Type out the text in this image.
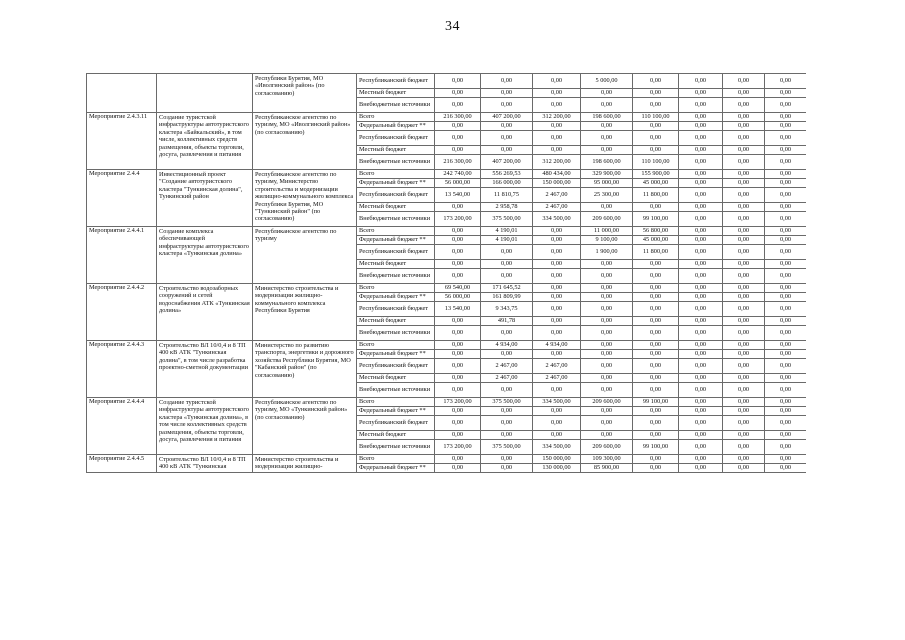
34
		Республики Бурятия, МО «Иволгинский район» (по согласованию)	Республиканский бюджет	0,00	0,00	0,00	5 000,00	0,00	0,00	0,00	0,00
			Местный бюджет	0,00	0,00	0,00	0,00	0,00	0,00	0,00	0,00
			Внебюджетные источники	0,00	0,00	0,00	0,00	0,00	0,00	0,00	0,00
Мероприятие 2.4.3.11	Создание туристской инфраструктуры автотуристского кластера «Байкальский», в том числе, коллективных средств размещения, объекты торговли, досуга, развлечения и питания	Республиканское агентство по туризму, МО «Иволгинский район» (по согласованию)	Всего	216 300,00	407 200,00	312 200,00	198 600,00	110 100,00	0,00	0,00	0,00
			Федеральный бюджет **	0,00	0,00	0,00	0,00	0,00	0,00	0,00	0,00
			Республиканский бюджет	0,00	0,00	0,00	0,00	0,00	0,00	0,00	0,00
			Местный бюджет	0,00	0,00	0,00	0,00	0,00	0,00	0,00	0,00
			Внебюджетные источники	216 300,00	407 200,00	312 200,00	198 600,00	110 100,00	0,00	0,00	0,00
Мероприятие 2.4.4	Инвестиционный проект "Создание автотуристского кластера "Тункинская долина", Тункинский район	Республиканское агентство по туризму, Министерство строительства и модернизации жилищно-коммунального комплекса Республики Бурятия, МО "Тункинский район" (по согласованию)	Всего	242 740,00	556 269,53	480 434,00	329 900,00	155 900,00	0,00	0,00	0,00
			Федеральный бюджет **	56 000,00	166 000,00	150 000,00	95 000,00	45 000,00	0,00	0,00	0,00
			Республиканский бюджет	13 540,00	11 810,75	2 467,00	25 300,00	11 800,00	0,00	0,00	0,00
			Местный бюджет	0,00	2 958,78	2 467,00	0,00	0,00	0,00	0,00	0,00
			Внебюджетные источники	173 200,00	375 500,00	334 500,00	209 600,00	99 100,00	0,00	0,00	0,00
Мероприятие 2.4.4.1	Создание комплекса обеспечивающей инфраструктуры автотуристского кластера «Тункинская долина»	Республиканское агентство по туризму	Всего	0,00	4 190,01	0,00	11 000,00	56 800,00	0,00	0,00	0,00
			Федеральный бюджет **	0,00	4 190,01	0,00	9 100,00	45 000,00	0,00	0,00	0,00
			Республиканский бюджет	0,00	0,00	0,00	1 900,00	11 800,00	0,00	0,00	0,00
			Местный бюджет	0,00	0,00	0,00	0,00	0,00	0,00	0,00	0,00
			Внебюджетные источники	0,00	0,00	0,00	0,00	0,00	0,00	0,00	0,00
Мероприятие 2.4.4.2	Строительство водозаборных сооружений и сетей водоснабжения АТК «Тункинская долина»	Министерство строительства и модернизации жилищно-коммунального комплекса Республики Бурятия	Всего	69 540,00	171 645,52	0,00	0,00	0,00	0,00	0,00	0,00
			Федеральный бюджет **	56 000,00	161 809,99	0,00	0,00	0,00	0,00	0,00	0,00
			Республиканский бюджет	13 540,00	9 343,75	0,00	0,00	0,00	0,00	0,00	0,00
			Местный бюджет	0,00	491,78	0,00	0,00	0,00	0,00	0,00	0,00
			Внебюджетные источники	0,00	0,00	0,00	0,00	0,00	0,00	0,00	0,00
Мероприятие 2.4.4.3	Строительство ВЛ 10/0,4 и 8 ТП 400 кВ АТК "Тункинская долина", в том числе разработка проектно-сметной документации	Министерство по развитию транспорта, энергетики и дорожного хозяйства Республики Бурятия, МО "Кабанский район" (по согласованию)	Всего	0,00	4 934,00	4 934,00	0,00	0,00	0,00	0,00	0,00
			Федеральный бюджет **	0,00	0,00	0,00	0,00	0,00	0,00	0,00	0,00
			Республиканский бюджет	0,00	2 467,00	2 467,00	0,00	0,00	0,00	0,00	0,00
			Местный бюджет	0,00	2 467,00	2 467,00	0,00	0,00	0,00	0,00	0,00
			Внебюджетные источники	0,00	0,00	0,00	0,00	0,00	0,00	0,00	0,00
Мероприятие 2.4.4.4	Создание туристской инфраструктуры автотуристского кластера «Тункинская долина», в том числе коллективных средств размещения, объекты торговли, досуга, развлечения и питания	Республиканское агентство по туризму, МО «Тункинский район» (по согласованию)	Всего	173 200,00	375 500,00	334 500,00	209 600,00	99 100,00	0,00	0,00	0,00
			Федеральный бюджет **	0,00	0,00	0,00	0,00	0,00	0,00	0,00	0,00
			Республиканский бюджет	0,00	0,00	0,00	0,00	0,00	0,00	0,00	0,00
			Местный бюджет	0,00	0,00	0,00	0,00	0,00	0,00	0,00	0,00
			Внебюджетные источники	173 200,00	375 500,00	334 500,00	209 600,00	99 100,00	0,00	0,00	0,00
Мероприятие 2.4.4.5	Строительство ВЛ 10/0,4 и 8 ТП 400 кВ АТК "Тункинская	Министерство строительства и модернизации жилищно-	Всего	0,00	0,00	150 000,00	109 300,00	0,00	0,00	0,00	0,00
			Федеральный бюджет **	0,00	0,00	130 000,00	85 900,00	0,00	0,00	0,00	0,00
